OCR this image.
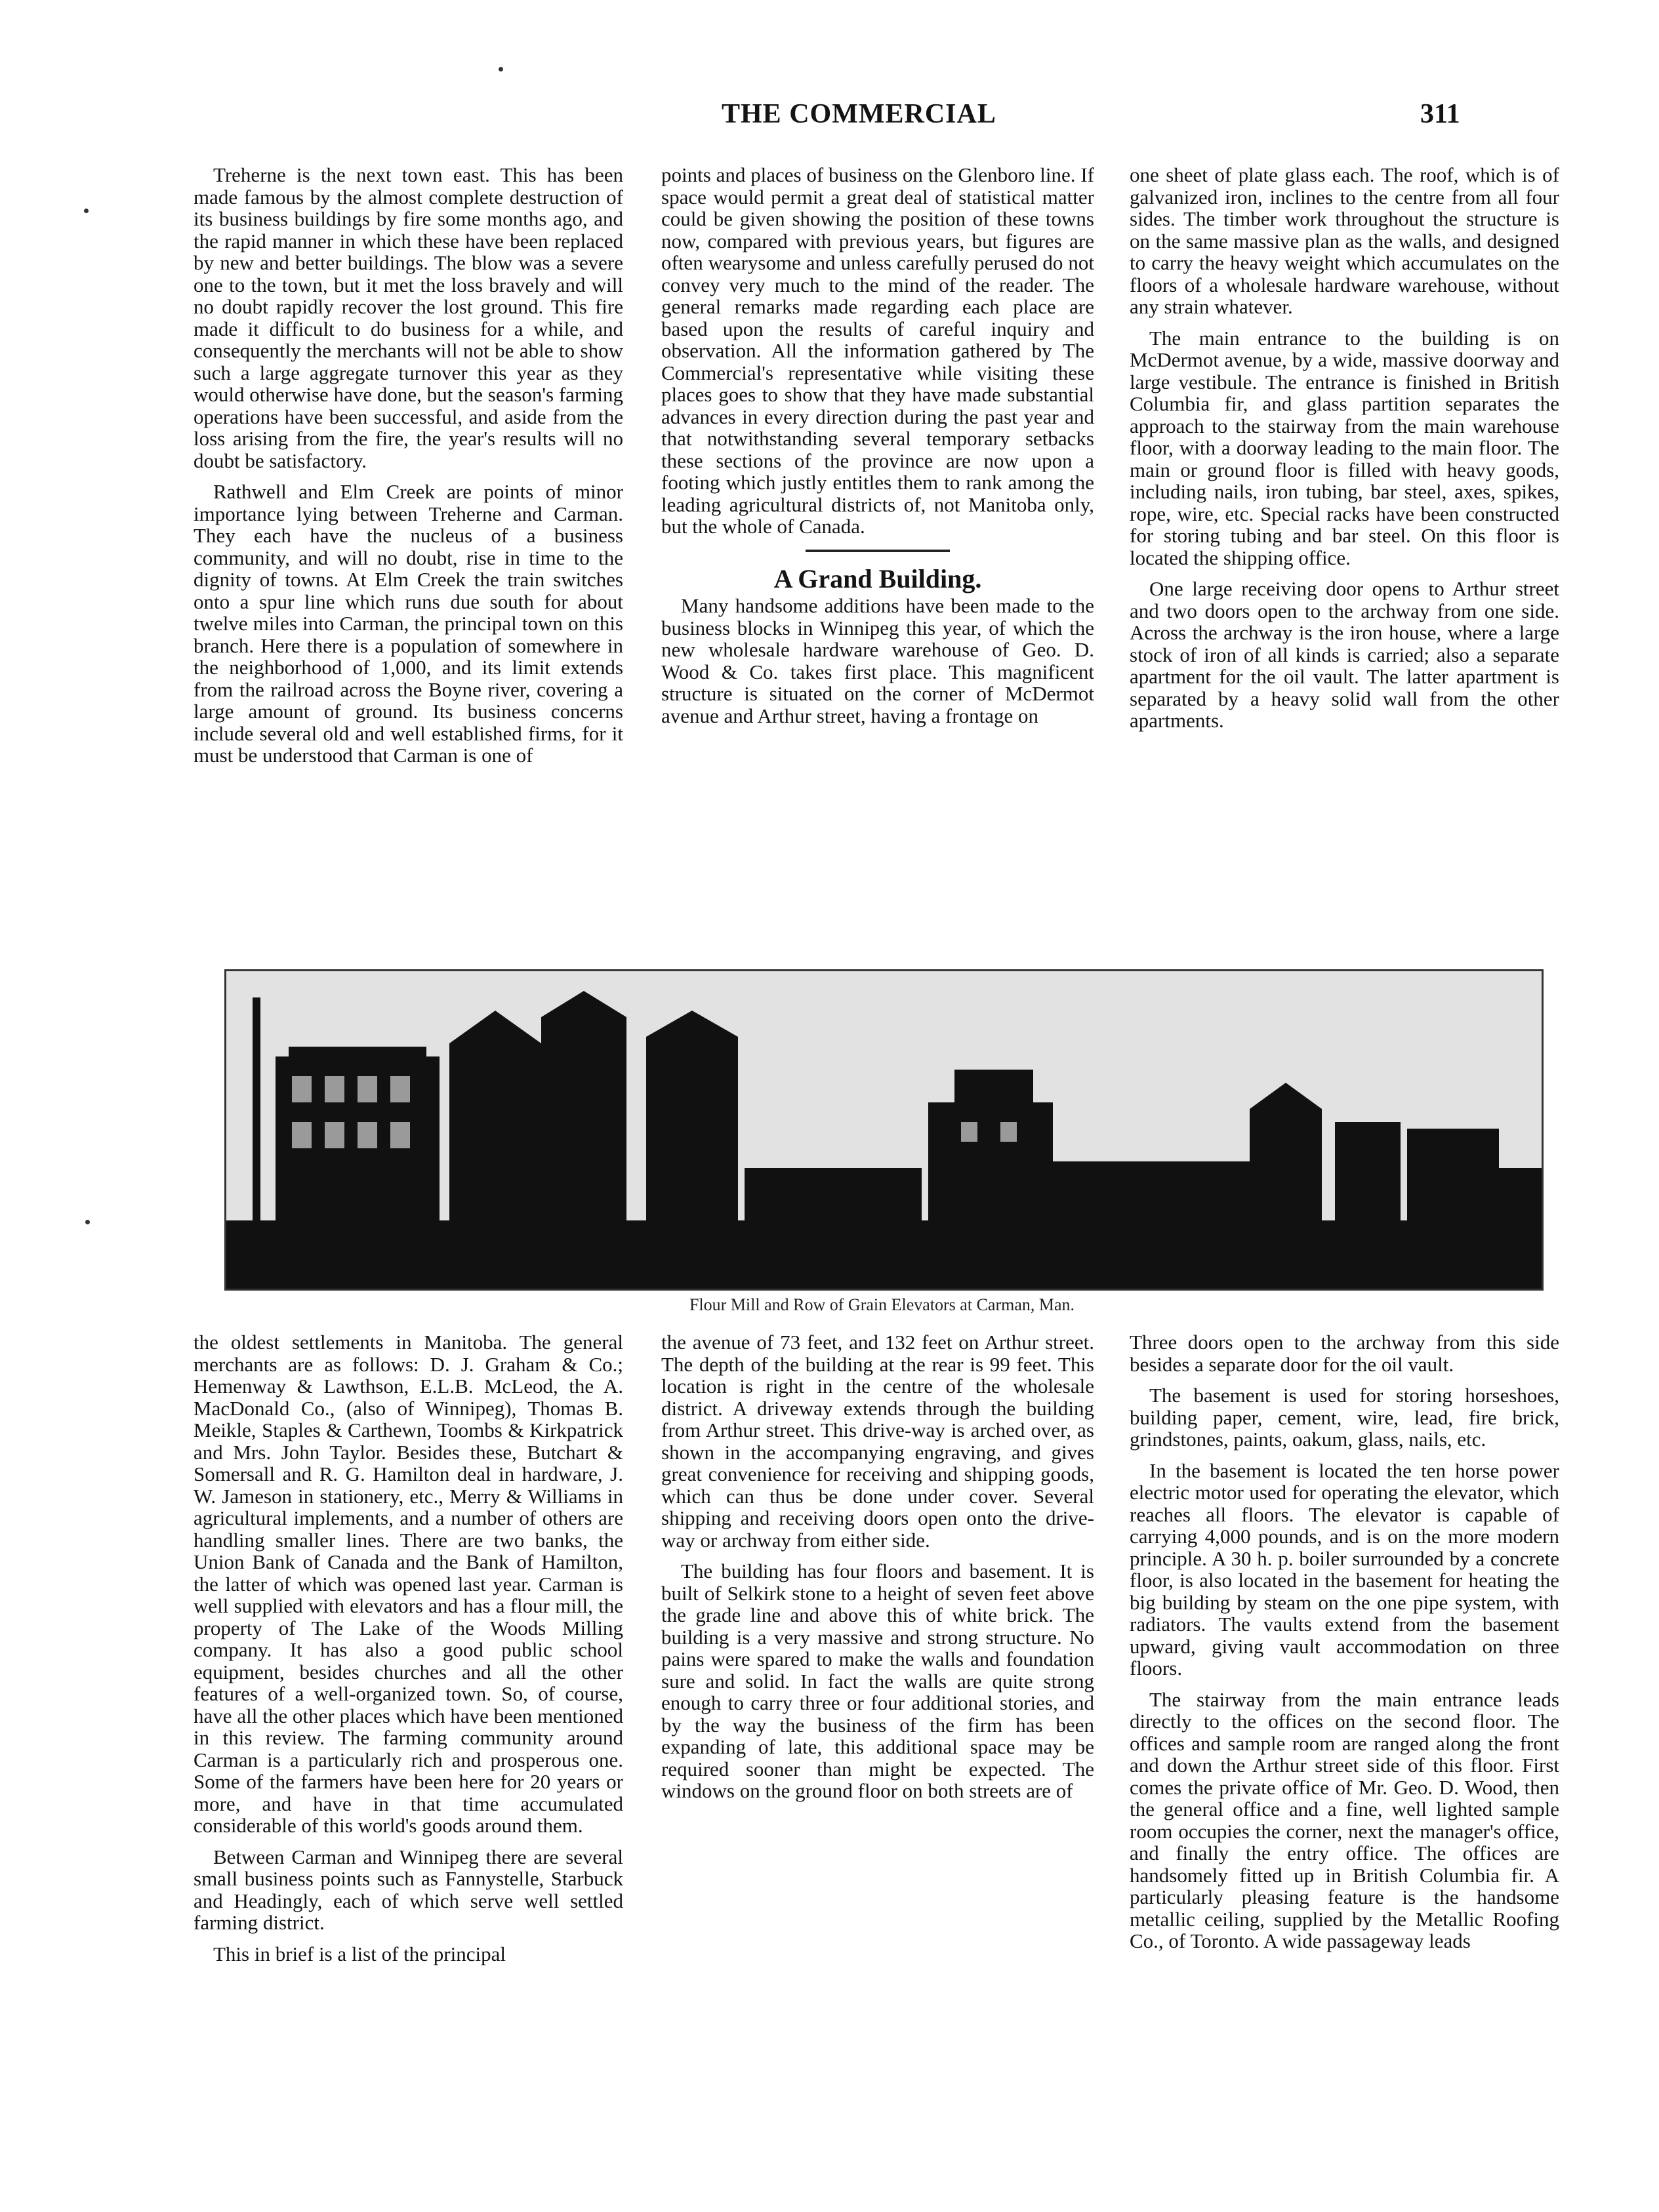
THE COMMERCIAL	311

Treherne is the next town east. This has been made famous by the almost complete destruction of its business buildings by fire some months ago, and the rapid manner in which these have been replaced by new and better buildings. The blow was a severe one to the town, but it met the loss bravely and will no doubt rapidly recover the lost ground. This fire made it difficult to do business for a while, and consequently the merchants will not be able to show such a large aggregate turnover this year as they would otherwise have done, but the season's farming operations have been successful, and aside from the loss arising from the fire, the year's results will no doubt be satisfactory.

Rathwell and Elm Creek are points of minor importance lying between Treherne and Carman. They each have the nucleus of a business community, and will no doubt, rise in time to the dignity of towns. At Elm Creek the train switches onto a spur line which runs due south for about twelve miles into Carman, the principal town on this branch. Here there is a population of somewhere in the neighborhood of 1,000, and its limit extends from the railroad across the Boyne river, covering a large amount of ground. Its business concerns include several old and well established firms, for it must be understood that Carman is one of

points and places of business on the Glenboro line. If space would permit a great deal of statistical matter could be given showing the position of these towns now, compared with previous years, but figures are often wearysome and unless carefully perused do not convey very much to the mind of the reader. The general remarks made regarding each place are based upon the results of careful inquiry and observation. All the information gathered by The Commercial's representative while visiting these places goes to show that they have made substantial advances in every direction during the past year and that notwithstanding several temporary setbacks these sections of the province are now upon a footing which justly entitles them to rank among the leading agricultural districts of, not Manitoba only, but the whole of Canada.

A Grand Building.

Many handsome additions have been made to the business blocks in Winnipeg this year, of which the new wholesale hardware warehouse of Geo. D. Wood & Co. takes first place. This magnificent structure is situated on the corner of McDermot avenue and Arthur street, having a frontage on

one sheet of plate glass each. The roof, which is of galvanized iron, inclines to the centre from all four sides. The timber work throughout the structure is on the same massive plan as the walls, and designed to carry the heavy weight which accumulates on the floors of a wholesale hardware warehouse, without any strain whatever.

The main entrance to the building is on McDermot avenue, by a wide, massive doorway and large vestibule. The entrance is finished in British Columbia fir, and glass partition separates the approach to the stairway from the main warehouse floor, with a doorway leading to the main floor. The main or ground floor is filled with heavy goods, including nails, iron tubing, bar steel, axes, spikes, rope, wire, etc. Special racks have been constructed for storing tubing and bar steel. On this floor is located the shipping office.

One large receiving door opens to Arthur street and two doors open to the archway from one side. Across the archway is the iron house, where a large stock of iron of all kinds is carried; also a separate apartment for the oil vault. The latter apartment is separated by a heavy solid wall from the other apartments.

Flour Mill and Row of Grain Elevators at Carman, Man.

the oldest settlements in Manitoba. The general merchants are as follows: D. J. Graham & Co.; Hemenway & Lawthson, E.L.B. McLeod, the A. MacDonald Co., (also of Winnipeg), Thomas B. Meikle, Staples & Carthewn, Toombs & Kirkpatrick and Mrs. John Taylor. Besides these, Butchart & Somersall and R. G. Hamilton deal in hardware, J. W. Jameson in stationery, etc., Merry & Williams in agricultural implements, and a number of others are handling smaller lines. There are two banks, the Union Bank of Canada and the Bank of Hamilton, the latter of which was opened last year. Carman is well supplied with elevators and has a flour mill, the property of The Lake of the Woods Milling company. It has also a good public school equipment, besides churches and all the other features of a well-organized town. So, of course, have all the other places which have been mentioned in this review. The farming community around Carman is a particularly rich and prosperous one. Some of the farmers have been here for 20 years or more, and have in that time accumulated considerable of this world's goods around them.

Between Carman and Winnipeg there are several small business points such as Fannystelle, Starbuck and Headingly, each of which serve well settled farming district.

This in brief is a list of the principal

the avenue of 73 feet, and 132 feet on Arthur street. The depth of the building at the rear is 99 feet. This location is right in the centre of the wholesale district. A driveway extends through the building from Arthur street. This drive-way is arched over, as shown in the accompanying engraving, and gives great convenience for receiving and shipping goods, which can thus be done under cover. Several shipping and receiving doors open onto the drive-way or archway from either side.

The building has four floors and basement. It is built of Selkirk stone to a height of seven feet above the grade line and above this of white brick. The building is a very massive and strong structure. No pains were spared to make the walls and foundation sure and solid. In fact the walls are quite strong enough to carry three or four additional stories, and by the way the business of the firm has been expanding of late, this additional space may be required sooner than might be expected. The windows on the ground floor on both streets are of

Three doors open to the archway from this side besides a separate door for the oil vault.

The basement is used for storing horseshoes, building paper, cement, wire, lead, fire brick, grindstones, paints, oakum, glass, nails, etc.

In the basement is located the ten horse power electric motor used for operating the elevator, which reaches all floors. The elevator is capable of carrying 4,000 pounds, and is on the more modern principle. A 30 h. p. boiler surrounded by a concrete floor, is also located in the basement for heating the big building by steam on the one pipe system, with radiators. The vaults extend from the basement upward, giving vault accommodation on three floors.

The stairway from the main entrance leads directly to the offices on the second floor. The offices and sample room are ranged along the front and down the Arthur street side of this floor. First comes the private office of Mr. Geo. D. Wood, then the general office and a fine, well lighted sample room occupies the corner, next the manager's office, and finally the entry office. The offices are handsomely fitted up in British Columbia fir. A particularly pleasing feature is the handsome metallic ceiling, supplied by the Metallic Roofing Co., of Toronto. A wide passageway leads
